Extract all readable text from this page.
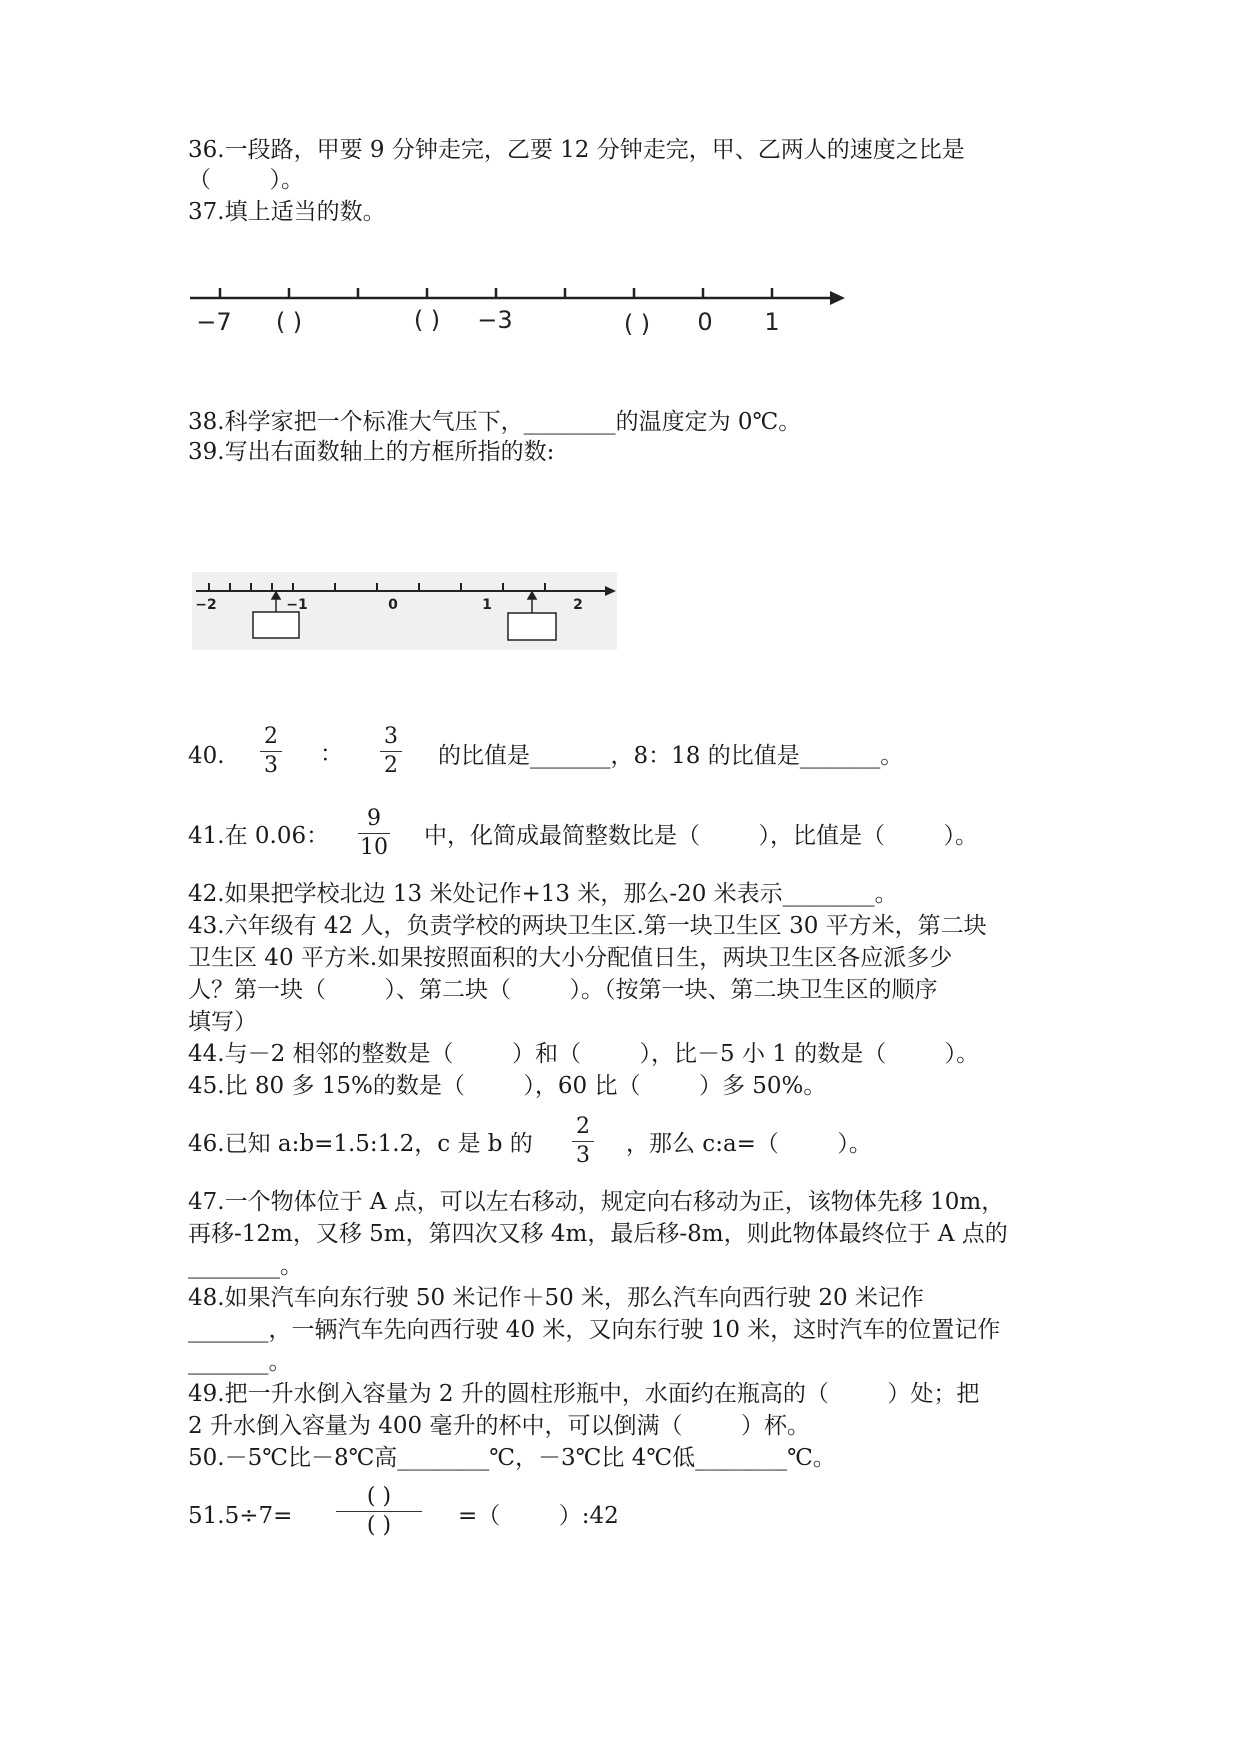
36.一段路，甲要 9 分钟走完，乙要 12 分钟走完，甲、乙两人的速度之比是
（        ）。
37.填上适当的数。
−7 ( )	( ) −3	( ) 0 1
38.科学家把一个标准大气压下，________的温度定为 0℃。
39.写出右面数轴上的方框所指的数:
−2	−1	0	1	2
40.
2
3 ：
3
2 的比值是_______，8：18 的比值是_______。
41.在 0.06：
9
10 中，化简成最简整数比是（        ），比值是（        ）。
42.如果把学校北边 13 米处记作+13 米，那么-20 米表示________。
43.六年级有 42 人，负责学校的两块卫生区.第一块卫生区 30 平方米，第二块
卫生区 40 平方米.如果按照面积的大小分配值日生，两块卫生区各应派多少
人？第一块（        ）、第二块（        ）。（按第一块、第二块卫生区的顺序
填写）
44.与－2 相邻的整数是（        ）和（        ），比－5 小 1 的数是（        ）。
45.比 80 多 15%的数是（        ），60 比（        ）多 50%。
46.已知 a:b=1.5:1.2，c 是 b 的
2
3 ，那么 c:a=（        ）。
47.一个物体位于 A 点，可以左右移动，规定向右移动为正，该物体先移 10m，
再移-12m，又移 5m，第四次又移 4m，最后移-8m，则此物体最终位于 A 点的
________。
48.如果汽车向东行驶 50 米记作＋50 米，那么汽车向西行驶 20 米记作
_______，一辆汽车先向西行驶 40 米，又向东行驶 10 米，这时汽车的位置记作
_______。
49.把一升水倒入容量为 2 升的圆柱形瓶中，水面约在瓶高的（        ）处；把
2 升水倒入容量为 400 毫升的杯中，可以倒满（        ）杯。
50.－5℃比－8℃高________℃，－3℃比 4℃低________℃。
51.5÷7=
( )
( )	=（        ）:42
